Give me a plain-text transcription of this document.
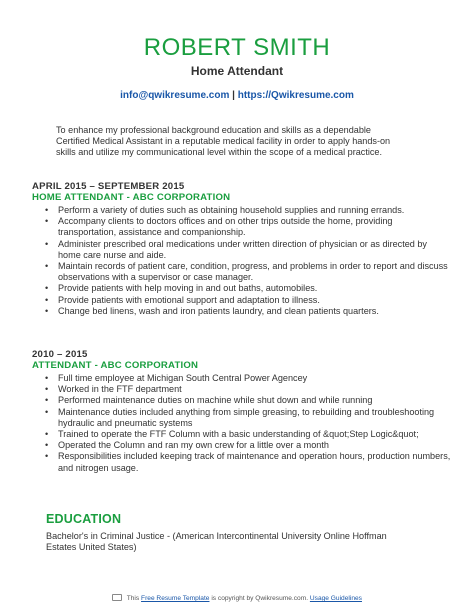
ROBERT SMITH
Home Attendant
info@qwikresume.com | https://Qwikresume.com
To enhance my professional background education and skills as a dependable Certified Medical Assistant in a reputable medical facility in order to apply hands-on skills and utilize my communicational level within the scope of a medical practice.
APRIL 2015 – SEPTEMBER 2015
HOME ATTENDANT - ABC CORPORATION
• Perform a variety of duties such as obtaining household supplies and running errands.
• Accompany clients to doctors offices and on other trips outside the home, providing transportation, assistance and companionship.
• Administer prescribed oral medications under written direction of physician or as directed by home care nurse and aide.
• Maintain records of patient care, condition, progress, and problems in order to report and discuss observations with a supervisor or case manager.
• Provide patients with help moving in and out baths, automobiles.
• Provide patients with emotional support and adaptation to illness.
• Change bed linens, wash and iron patients laundry, and clean patients quarters.
2010 – 2015
ATTENDANT - ABC CORPORATION
• Full time employee at Michigan South Central Power Agencey
• Worked in the FTF department
• Performed maintenance duties on machine while shut down and while running
• Maintenance duties included anything from simple greasing, to rebuilding and troubleshooting hydraulic and pneumatic systems
• Trained to operate the FTF Column with a basic understanding of &quot;Step Logic&quot;
• Operated the Column and ran my own crew for a little over a month
• Responsibilities included keeping track of maintenance and operation hours, production numbers, and nitrogen usage.
EDUCATION
Bachelor's in Criminal Justice - (American Intercontinental University Online Hoffman Estates United States)
This Free Resume Template is copyright by Qwikresume.com. Usage Guidelines
